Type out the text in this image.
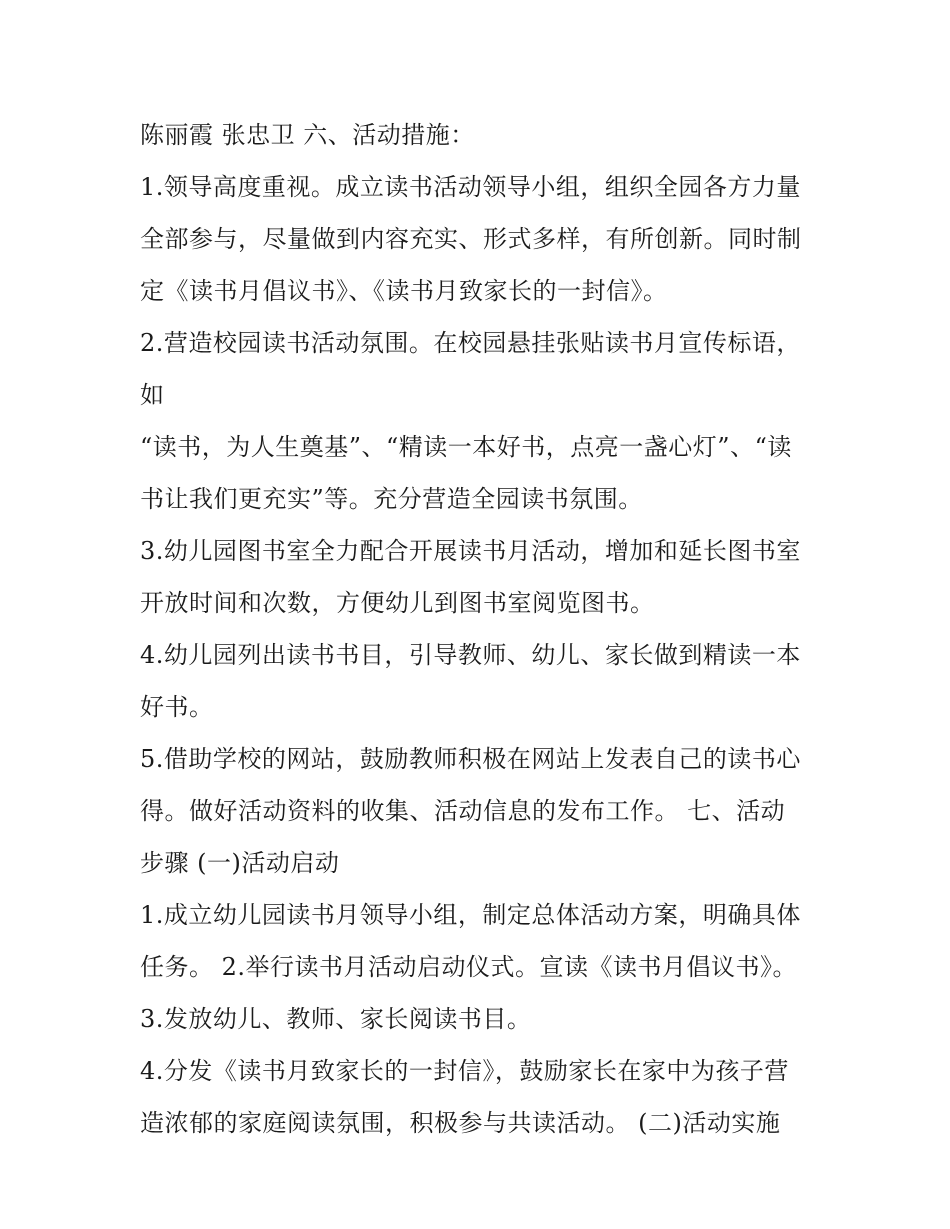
陈丽霞 张忠卫 六、活动措施：
1.领导高度重视。成立读书活动领导小组，组织全园各方力量
全部参与，尽量做到内容充实、形式多样，有所创新。同时制
定《读书月倡议书》、《读书月致家长的一封信》。
2.营造校园读书活动氛围。在校园悬挂张贴读书月宣传标语，
如
“读书，为人生奠基”、“精读一本好书，点亮一盏心灯”、“读
书让我们更充实”等。充分营造全园读书氛围。
3.幼儿园图书室全力配合开展读书月活动，增加和延长图书室
开放时间和次数，方便幼儿到图书室阅览图书。
4.幼儿园列出读书书目，引导教师、幼儿、家长做到精读一本
好书。
5.借助学校的网站，鼓励教师积极在网站上发表自己的读书心
得。做好活动资料的收集、活动信息的发布工作。 七、活动
步骤 (一)活动启动
1.成立幼儿园读书月领导小组，制定总体活动方案，明确具体
任务。 2.举行读书月活动启动仪式。宣读《读书月倡议书》。
3.发放幼儿、教师、家长阅读书目。
4.分发《读书月致家长的一封信》，鼓励家长在家中为孩子营
造浓郁的家庭阅读氛围，积极参与共读活动。 (二)活动实施
